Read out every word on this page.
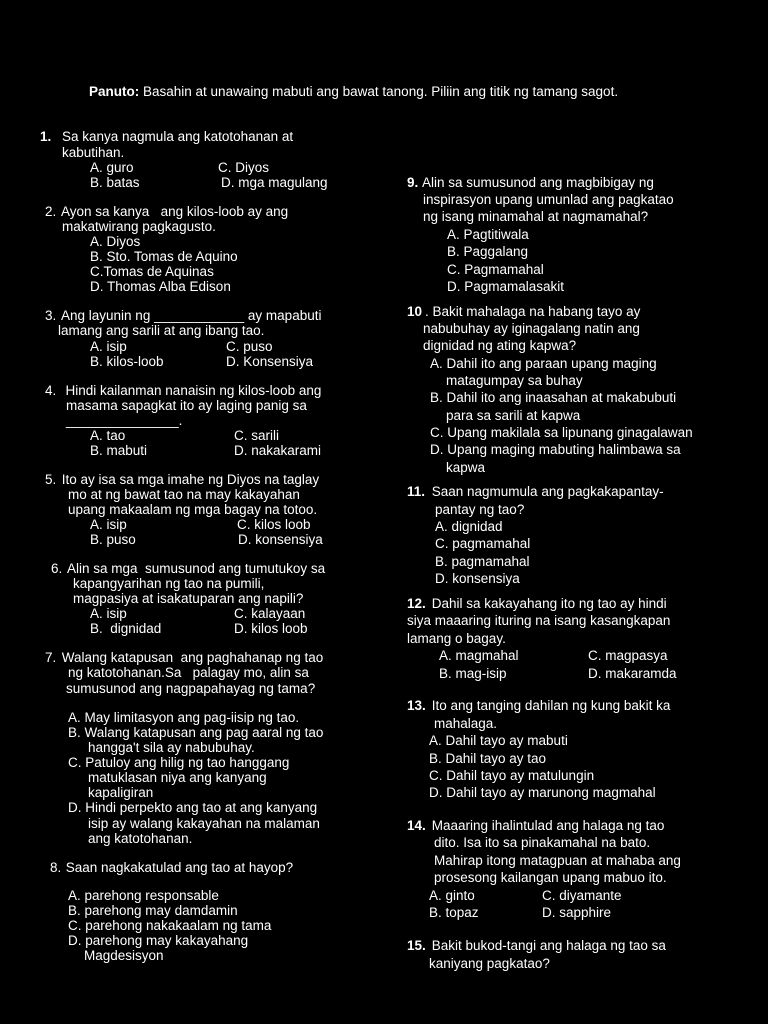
Panuto: Basahin at unawaing mabuti ang bawat tanong. Piliin ang titik ng tamang sagot.
1. Sa kanya nagmula ang katotohanan at
kabutihan.
A. guro	C. Diyos
B. batas	D. mga magulang
2. Ayon sa kanya   ang kilos-loob ay ang
makatwirang pagkagusto.
A. Diyos
B. Sto. Tomas de Aquino
C.Tomas de Aquinas
D. Thomas Alba Edison
3. Ang layunin ng ____________ ay mapabuti
lamang ang sarili at ang ibang tao.
A. isip	C. puso
B. kilos-loob	D. Konsensiya
4. Hindi kailanman nanaisin ng kilos-loob ang
masama sapagkat ito ay laging panig sa
_______________.
A. tao	C. sarili
B. mabuti	D. nakakarami
5. Ito ay isa sa mga imahe ng Diyos na taglay
mo at ng bawat tao na may kakayahan
upang makaalam ng mga bagay na totoo.
A. isip	C. kilos loob
B. puso	D. konsensiya
6. Alin sa mga  sumusunod ang tumutukoy sa
kapangyarihan ng tao na pumili,
magpasiya at isakatuparan ang napili?
A. isip	C. kalayaan
B.  dignidad	D. kilos loob
7. Walang katapusan  ang paghahanap ng tao
ng katotohanan.Sa   palagay mo, alin sa
sumusunod ang nagpapahayag ng tama?
A. May limitasyon ang pag-iisip ng tao.
B. Walang katapusan ang pag aaral ng tao
hangga't sila ay nabubuhay.
C. Patuloy ang hilig ng tao hanggang
matuklasan niya ang kanyang
kapaligiran
D. Hindi perpekto ang tao at ang kanyang
isip ay walang kakayahan na malaman
ang katotohanan.
8. Saan nagkakatulad ang tao at hayop?
A. parehong responsable
B. parehong may damdamin
C. parehong nakakaalam ng tama
D. parehong may kakayahang
Magdesisyon
9. Alin sa sumusunod ang magbibigay ng
inspirasyon upang umunlad ang pagkatao
ng isang minamahal at nagmamahal?
A. Pagtitiwala
B. Paggalang
C. Pagmamahal
D. Pagmamalasakit
10 . Bakit mahalaga na habang tayo ay
nabubuhay ay iginagalang natin ang
dignidad ng ating kapwa?
A. Dahil ito ang paraan upang maging
matagumpay sa buhay
B. Dahil ito ang inaasahan at makabubuti
para sa sarili at kapwa
C. Upang makilala sa lipunang ginagalawan
D. Upang maging mabuting halimbawa sa
kapwa
11. Saan nagmumula ang pagkakapantay-
pantay ng tao?
A. dignidad
C. pagmamahal
B. pagmamahal
D. konsensiya
12. Dahil sa kakayahang ito ng tao ay hindi
siya maaaring ituring na isang kasangkapan
lamang o bagay.
A. magmahal	C. magpasya
B. mag-isip	D. makaramda
13. Ito ang tanging dahilan ng kung bakit ka
mahalaga.
A. Dahil tayo ay mabuti
B. Dahil tayo ay tao
C. Dahil tayo ay matulungin
D. Dahil tayo ay marunong magmahal
14. Maaaring ihalintulad ang halaga ng tao
dito. Isa ito sa pinakamahal na bato.
Mahirap itong matagpuan at mahaba ang
prosesong kailangan upang mabuo ito.
A. ginto	C. diyamante
B. topaz	D. sapphire
15. Bakit bukod-tangi ang halaga ng tao sa
kaniyang pagkatao?
